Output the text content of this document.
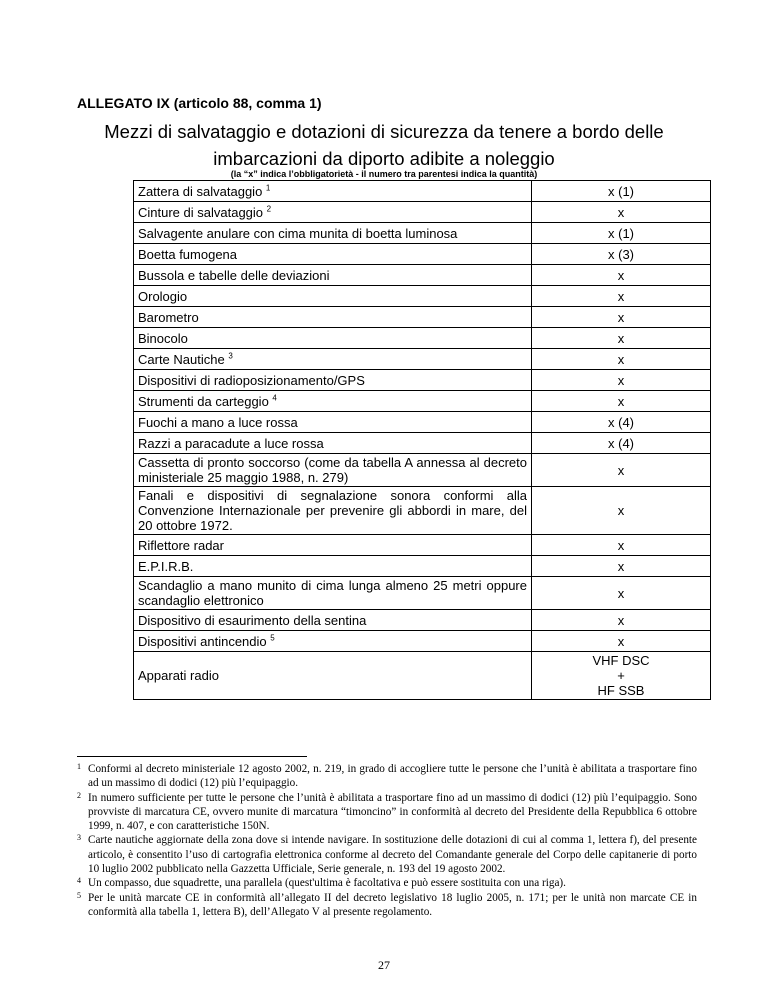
ALLEGATO IX (articolo 88, comma 1)
Mezzi di salvataggio e dotazioni di sicurezza da tenere a bordo delle
imbarcazioni da diporto adibite a noleggio
(la “x” indica l’obbligatorietà - il numero tra parentesi indica la quantità)
Zattera di salvataggio $^1$	x (1)
Cinture di salvataggio $^2$	x
Salvagente anulare con cima munita di boetta luminosa	x (1)
Boetta fumogena	x (3)
Bussola e tabelle delle deviazioni	x
Orologio	x
Barometro	x
Binocolo	x
Carte Nautiche $^3$	x
Dispositivi di radioposizionamento/GPS	x
Strumenti da carteggio $^4$	x
Fuochi a mano a luce rossa	x (4)
Razzi a paracadute a luce rossa	x (4)
Cassetta di pronto soccorso (come da tabella A annessa al decreto ministeriale 25 maggio 1988, n. 279)	x
Fanali e dispositivi di segnalazione sonora conformi alla Convenzione Internazionale per prevenire gli abbordi in mare, del 20 ottobre 1972.	x
Riflettore radar	x
E.P.I.R.B.	x
Scandaglio a mano munito di cima lunga almeno 25 metri oppure scandaglio elettronico	x
Dispositivo di esaurimento della sentina	x
Dispositivi antincendio $^5$	x
Apparati radio	VHF DSC
+
HF SSB
1 Conformi al decreto ministeriale 12 agosto 2002, n. 219, in grado di accogliere tutte le persone che l’unità è abilitata a trasportare fino ad un massimo di dodici (12) più l’equipaggio.
2 In numero sufficiente per tutte le persone che l’unità è abilitata a trasportare fino ad un massimo di dodici (12) più l’equipaggio. Sono provviste di marcatura CE, ovvero munite di marcatura “timoncino” in conformità al decreto del Presidente della Repubblica 6 ottobre 1999, n. 407, e con caratteristiche 150N.
3 Carte nautiche aggiornate della zona dove si intende navigare. In sostituzione delle dotazioni di cui al comma 1, lettera f), del presente articolo, è consentito l’uso di cartografia elettronica conforme al decreto del Comandante generale del Corpo delle capitanerie di porto 10 luglio 2002 pubblicato nella Gazzetta Ufficiale, Serie generale, n. 193 del 19 agosto 2002.
4 Un compasso, due squadrette, una parallela (quest'ultima è facoltativa e può essere sostituita con una riga).
5 Per le unità marcate CE in conformità all’allegato II del decreto legislativo 18 luglio 2005, n. 171; per le unità non marcate CE in conformità alla tabella 1, lettera B), dell’Allegato V al presente regolamento.
27
